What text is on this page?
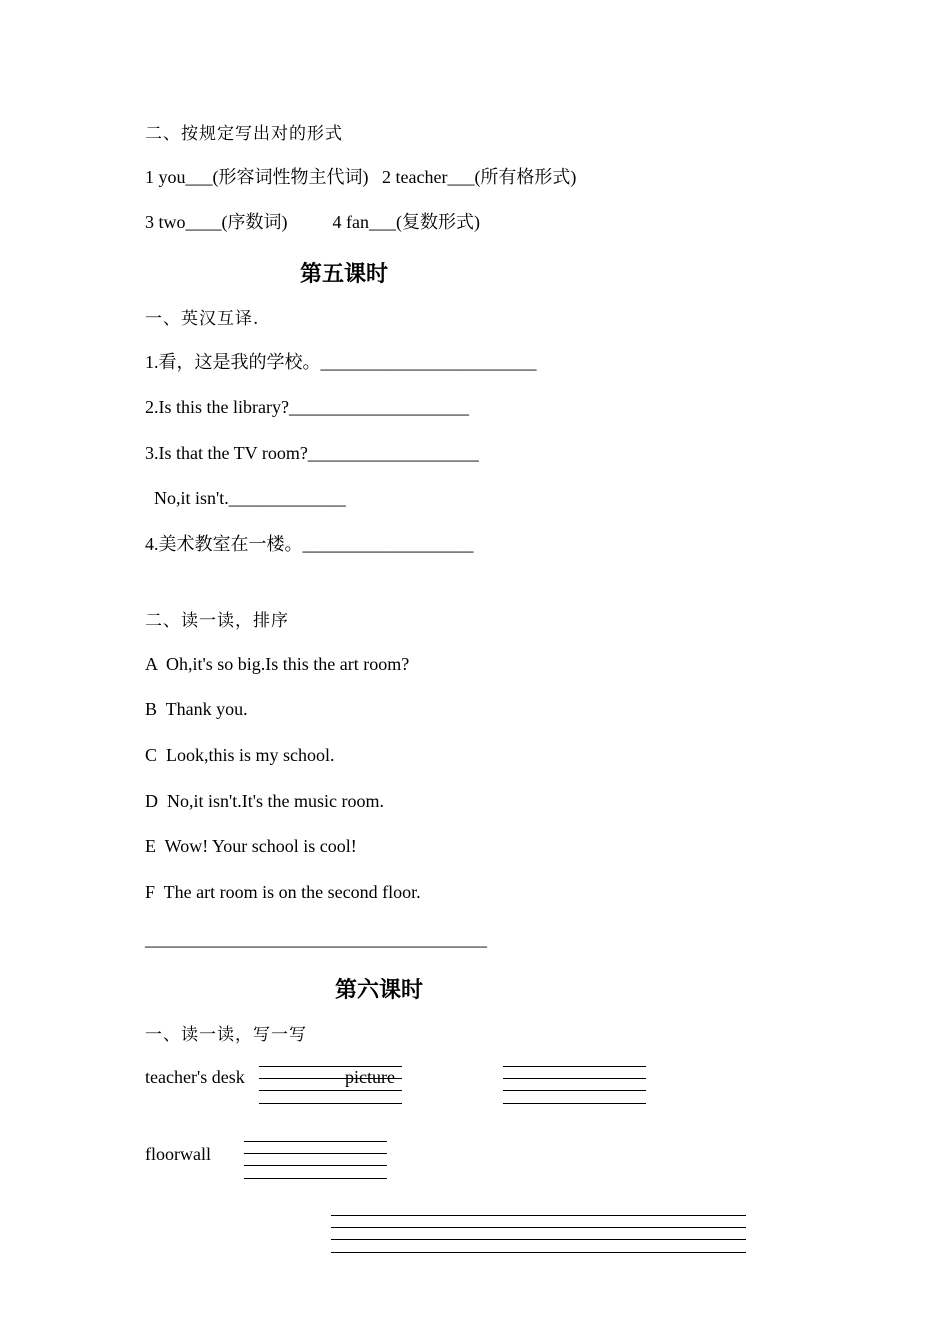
二、按规定写出对的形式
1 you___(形容词性物主代词)   2 teacher___(所有格形式)
3 two____(序数词)          4 fan___(复数形式)
第五课时
一、英汉互译.
1.看，这是我的学校。________________________
2.Is this the library?____________________
3.Is that the TV room?___________________
No,it isn't._____________
4.美术教室在一楼。___________________
二、读一读，排序
A  Oh,it's so big.Is this the art room?
B  Thank you.
C  Look,this is my school.
D  No,it isn't.It's the music room.
E  Wow! Your school is cool!
F  The art room is on the second floor.
______________________________________
第六课时
一、读一读，写一写
teacher's desk	picture
floorwall
